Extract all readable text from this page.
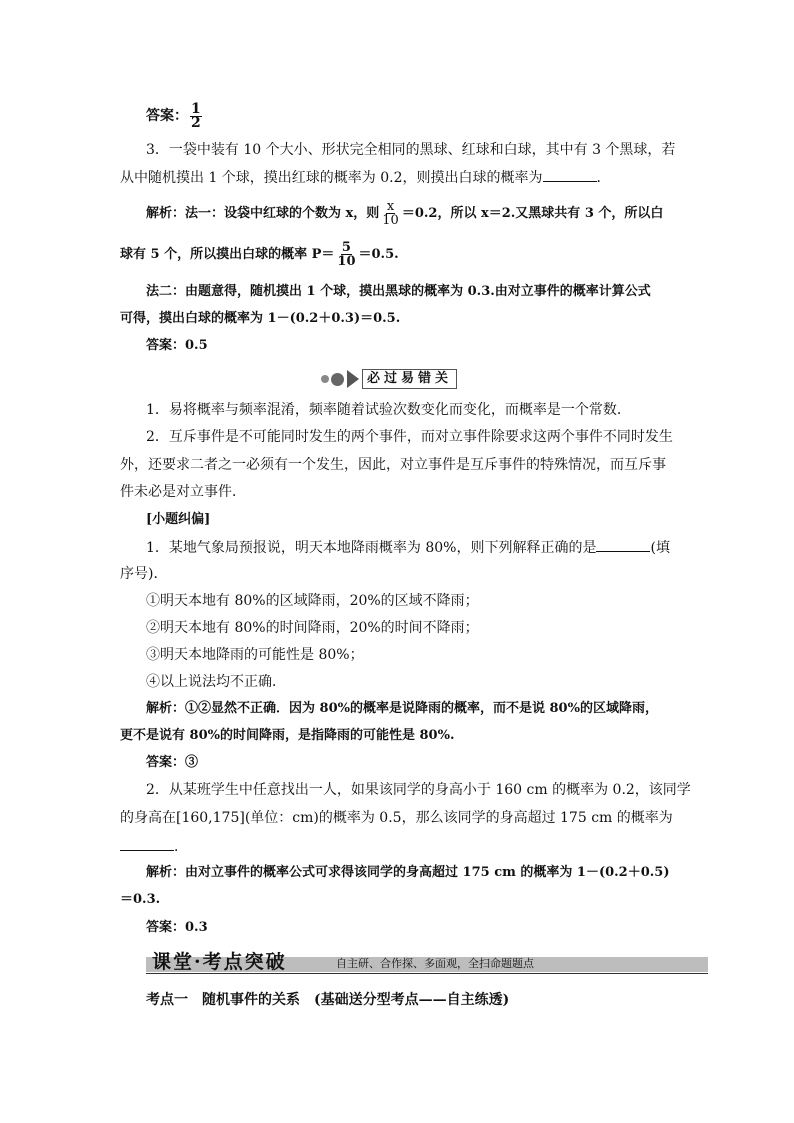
答案： $\frac{1}{2}$
3．一袋中装有 10 个大小、形状完全相同的黑球、红球和白球，其中有 3 个黑球，若
从中随机摸出 1 个球，摸出红球的概率为 0.2，则摸出白球的概率为	．
解析：法一：设袋中红球的个数为 x，则 $\frac{x}{10} =0.2$，所以 x＝2.又黑球共有 3 个，所以白
球有 5 个，所以摸出白球的概率 $P= \frac{5}{10} =0.5$.
法二：由题意得，随机摸出 1 个球，摸出黑球的概率为 0.3.由对立事件的概率计算公式
可得，摸出白球的概率为 1－(0.2＋0.3)＝0.5.
答案：0.5
必过易错关
1．易将概率与频率混淆，频率随着试验次数变化而变化，而概率是一个常数．
2．互斥事件是不可能同时发生的两个事件，而对立事件除要求这两个事件不同时发生
外，还要求二者之一必须有一个发生，因此，对立事件是互斥事件的特殊情况，而互斥事
件未必是对立事件．
[小题纠偏]
1．某地气象局预报说，明天本地降雨概率为 80%，则下列解释正确的是	(填
序号)．
①明天本地有 80%的区域降雨，20%的区域不降雨；
②明天本地有 80%的时间降雨，20%的时间不降雨；
③明天本地降雨的可能性是 80%；
④以上说法均不正确．
解析：①②显然不正确．因为 80%的概率是说降雨的概率，而不是说 80%的区域降雨，
更不是说有 80%的时间降雨，是指降雨的可能性是 80%.
答案：③
2．从某班学生中任意找出一人，如果该同学的身高小于 160 cm 的概率为 0.2，该同学
的身高在[160,175](单位：cm)的概率为 0.5，那么该同学的身高超过 175 cm 的概率为
．
解析：由对立事件的概率公式可求得该同学的身高超过 175 cm 的概率为 1－(0.2＋0.5)
＝0.3.
答案：0.3
课堂·考点突破	自主研、合作探、多面观，全扫命题题点
考点一　随机事件的关系　(基础送分型考点——自主练透)
